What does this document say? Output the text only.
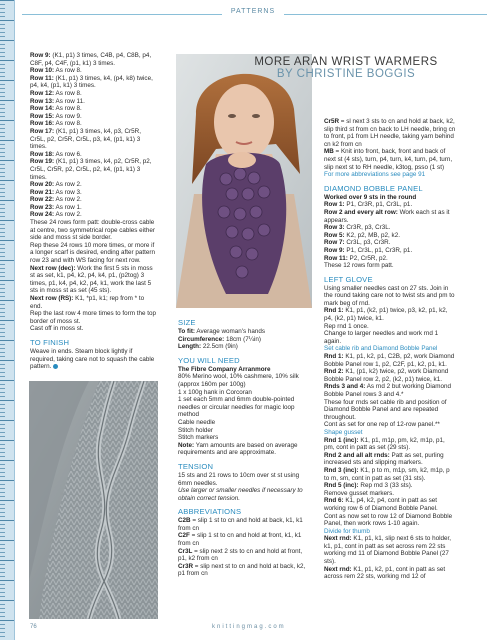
PATTERNS

Row 9: (K1, p1) 3 times, C4B, p4, C8B, p4, C8F, p4, C4F, (p1, k1) 3 times.

Row 10: As row 8.

Row 11: (K1, p1) 3 times, k4, (p4, k8) twice, p4, k4, (p1, k1) 3 times.

Row 12: As row 8.

Row 13: As row 11.

Row 14: As row 8.

Row 15: As row 9.

Row 16: As row 8.

Row 17: (K1, p1) 3 times, k4, p3, Cr5R, Cr5L, p2, Cr5R, Cr5L, p3, k4, (p1, k1) 3 times.

Row 18: As row 6.

Row 19: (K1, p1) 3 times, k4, p2, Cr5R, p2, Cr5L, Cr5R, p2, Cr5L, p2, k4, (p1, k1) 3 times.

Row 20: As row 2.

Row 21: As row 3.

Row 22: As row 2.

Row 23: As row 1.

Row 24: As row 2.

These 24 rows form patt: double-cross cable at centre, two symmetrical rope cables either side and moss st side border.

Rep these 24 rows 10 more times, or more if a longer scarf is desired, ending after pattern row 23 and with WS facing for next row.

Next row (dec): Work the first 5 sts in moss st as set, k1, p4, k2, p4, k4, p1, (p2tog) 3 times, p1, k4, p4, k2, p4, k1, work the last 5 sts in moss st as set (45 sts).

Next row (RS): K1, *p1, k1; rep from * to end.

Rep the last row 4 more times to form the top border of moss st.

Cast off in moss st.

TO FINISH

Weave in ends. Steam block lightly if required, taking care not to squash the cable pattern.

MORE ARAN WRIST WARMERS
BY CHRISTINE BOGGIS
SIZE

To fit: Average woman's hands

Circumference: 18cm (7¼in)

Length: 22.5cm (9in)

YOU WILL NEED

The Fibre Company Arranmore

80% Merino wool, 10% cashmere, 10% silk (approx 160m per 100g)

1 x 100g hank in Corcoran

1 set each 5mm and 6mm double-pointed needles or circular needles for magic loop method

Cable needle

Stitch holder

Stitch markers

Note: Yarn amounts are based on average requirements and are approximate.

TENSION

15 sts and 21 rows to 10cm over st st using 6mm needles.

Use larger or smaller needles if necessary to obtain correct tension.

ABBREVIATIONS

C2B = slip 1 st to cn and hold at back, k1, k1 from cn

C2F = slip 1 st to cn and hold at front, k1, k1 from cn

Cr3L = slip next 2 sts to cn and hold at front, p1, k2 from cn

Cr3R = slip next st to cn and hold at back, k2, p1 from cn

Cr5R = sl next 3 sts to cn and hold at back, k2, slip third st from cn back to LH needle, bring cn to front, p1 from LH needle, taking yarn behind cn k2 from cn

MB = Knit into front, back, front and back of next st (4 sts), turn, p4, turn, k4, turn, p4, turn, slip next st to RH needle, k3tog, psso (1 st)

For more abbreviations see page 91

DIAMOND BOBBLE PANEL

Worked over 9 sts in the round

Row 1: P1, Cr3R, p1, Cr3L, p1.

Row 2 and every alt row: Work each st as it appears.

Row 3: Cr3R, p3, Cr3L.

Row 5: K2, p2, MB, p2, k2.

Row 7: Cr3L, p3, Cr3R.

Row 9: P1, Cr3L, p1, Cr3R, p1.

Row 11: P2, Cr5R, p2.

These 12 rows form patt.

LEFT GLOVE

Using smaller needles cast on 27 sts. Join in the round taking care not to twist sts and pm to mark beg of rnd.

Rnd 1: K1, p1, (k2, p1) twice, p3, k2, p1, k2, p4, (k2, p1) twice, k1.

Rep rnd 1 once.

Change to larger needles and work rnd 1 again.

Set cable rib and Diamond Bobble Panel

Rnd 1: K1, p1, k2, p1, C2B, p2, work Diamond Bobble Panel row 1, p2, C2F, p1, k2, p1, k1.

Rnd 2: K1, (p1, k2) twice, p2, work Diamond Bobble Panel row 2, p2, (k2, p1) twice, k1.

Rnds 3 and 4: As rnd 2 but working Diamond Bobble Panel rows 3 and 4.*

These four rnds set cable rib and position of Diamond Bobble Panel and are repeated throughout.

Cont as set for one rep of 12-row panel.**

Shape gusset

Rnd 1 (inc): K1, p1, m1p, pm, k2, m1p, p1, pm, cont in patt as set (29 sts).

Rnd 2 and all alt rnds: Patt as set, purling increased sts and slipping markers.

Rnd 3 (inc): K1, p to m, m1p, sm, k2, m1p, p to m, sm, cont in patt as set (31 sts).

Rnd 5 (inc): Rep rnd 3 (33 sts).

Remove gusset markers.

Rnd 6: K1, p4, k2, p4, cont in patt as set working row 6 of Diamond Bobble Panel.

Cont as now set to row 12 of Diamond Bobble Panel, then work rows 1-10 again.

Divide for thumb

Next rnd: K1, p1, k1, slip next 6 sts to holder, k1, p1, cont in patt as set across rem 22 sts working rnd 11 of Diamond Bobble Panel (27 sts).

Next rnd: K1, p1, k2, p1, cont in patt as set across rem 22 sts, working rnd 12 of

76	knittingmag.com
